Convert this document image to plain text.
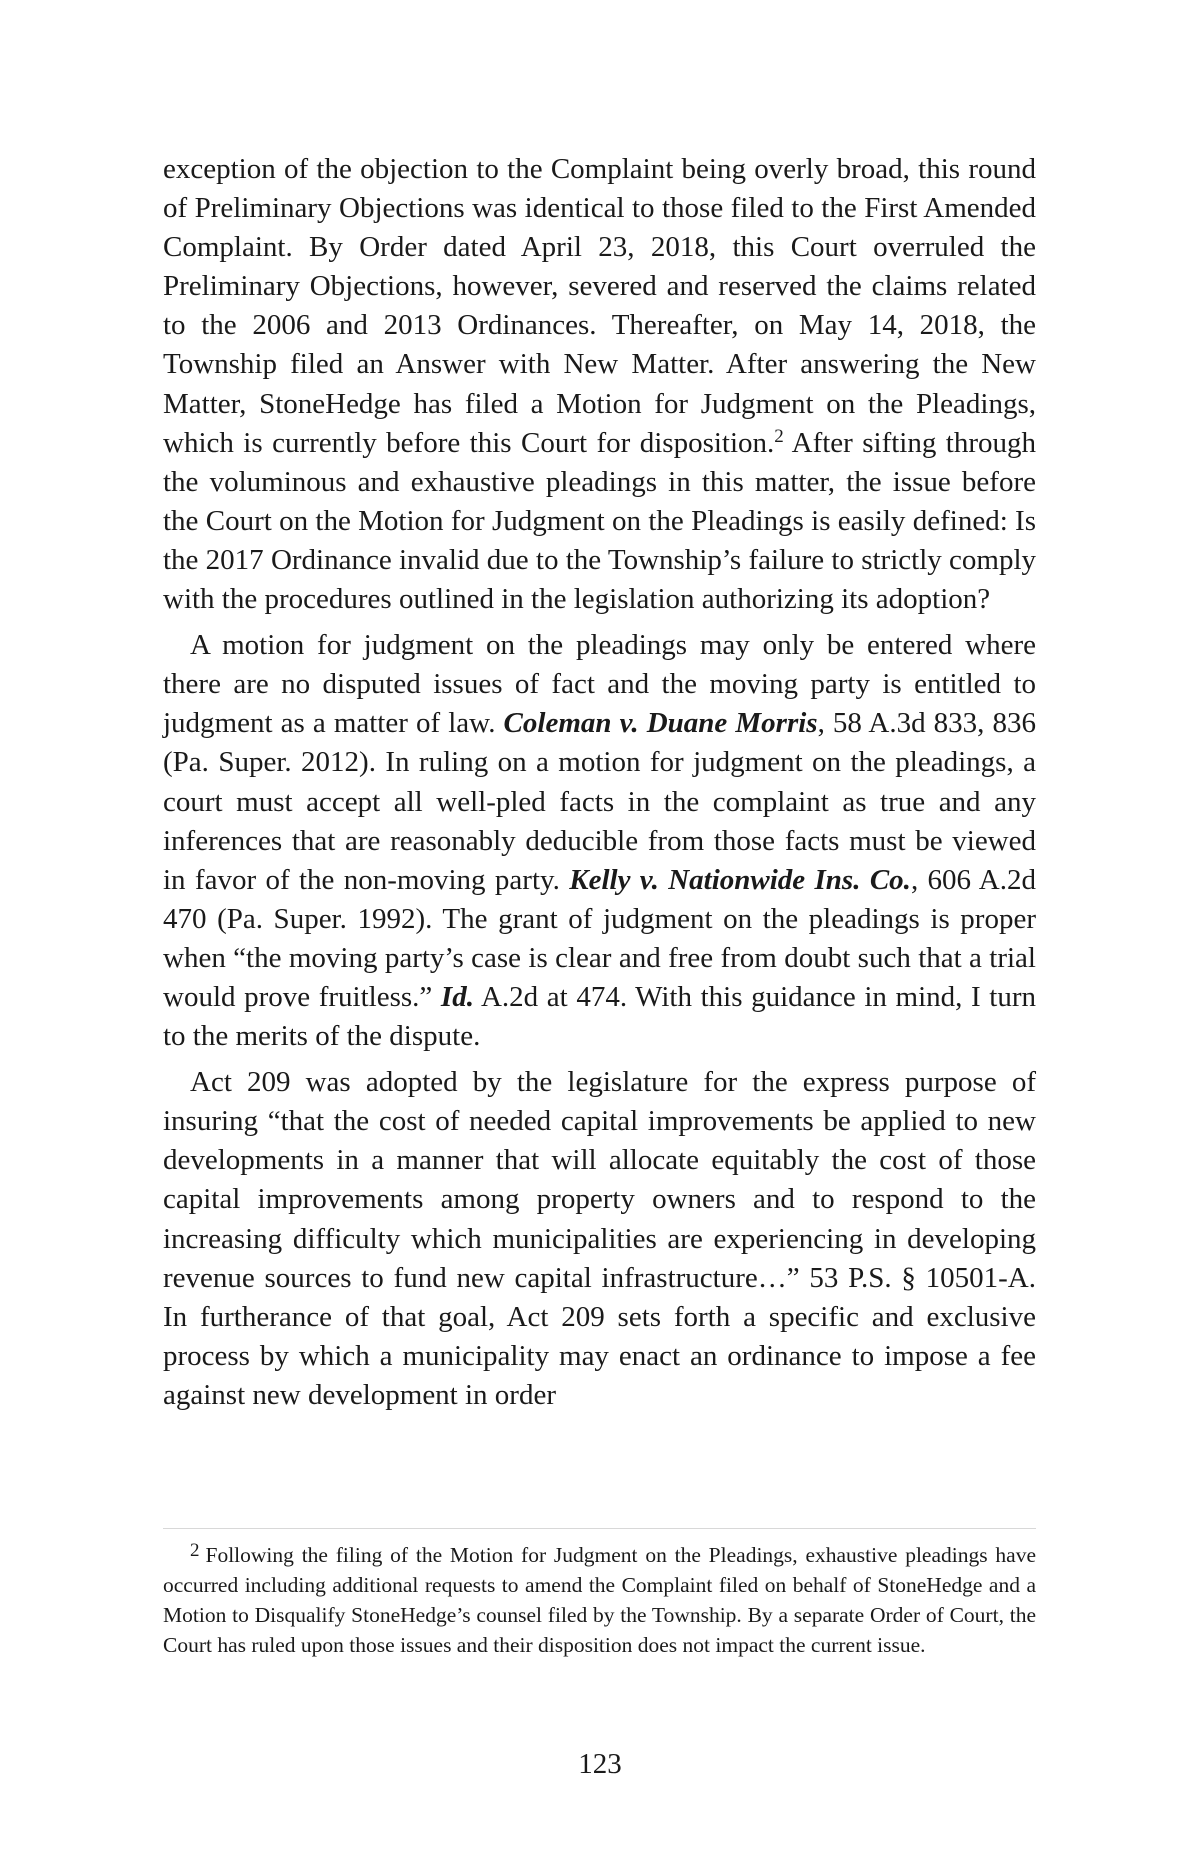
exception of the objection to the Complaint being overly broad, this round of Preliminary Objections was identical to those filed to the First Amended Complaint. By Order dated April 23, 2018, this Court overruled the Preliminary Objections, however, severed and reserved the claims related to the 2006 and 2013 Ordinances. Thereafter, on May 14, 2018, the Township filed an Answer with New Matter. After answering the New Matter, StoneHedge has filed a Motion for Judgment on the Pleadings, which is currently before this Court for disposition.$^2$ After sifting through the voluminous and exhaustive pleadings in this matter, the issue before the Court on the Motion for Judgment on the Pleadings is easily defined: Is the 2017 Ordinance invalid due to the Township’s failure to strictly comply with the procedures outlined in the legislation authorizing its adoption?

A motion for judgment on the pleadings may only be entered where there are no disputed issues of fact and the moving party is entitled to judgment as a matter of law. Coleman v. Duane Morris, 58 A.3d 833, 836 (Pa. Super. 2012). In ruling on a motion for judgment on the pleadings, a court must accept all well-pled facts in the complaint as true and any inferences that are reasonably deducible from those facts must be viewed in favor of the non-moving party. Kelly v. Nationwide Ins. Co., 606 A.2d 470 (Pa. Super. 1992). The grant of judgment on the pleadings is proper when “the moving party’s case is clear and free from doubt such that a trial would prove fruitless.” Id. A.2d at 474. With this guidance in mind, I turn to the merits of the dispute.

Act 209 was adopted by the legislature for the express purpose of insuring “that the cost of needed capital improvements be applied to new developments in a manner that will allocate equitably the cost of those capital improvements among property owners and to respond to the increasing difficulty which municipalities are experiencing in developing revenue sources to fund new capital infrastructure…” 53 P.S. § 10501-A. In furtherance of that goal, Act 209 sets forth a specific and exclusive process by which a municipality may enact an ordinance to impose a fee against new development in order

$^2$ Following the filing of the Motion for Judgment on the Pleadings, exhaustive pleadings have occurred including additional requests to amend the Complaint filed on behalf of StoneHedge and a Motion to Disqualify StoneHedge’s counsel filed by the Township. By a separate Order of Court, the Court has ruled upon those issues and their disposition does not impact the current issue.

123
